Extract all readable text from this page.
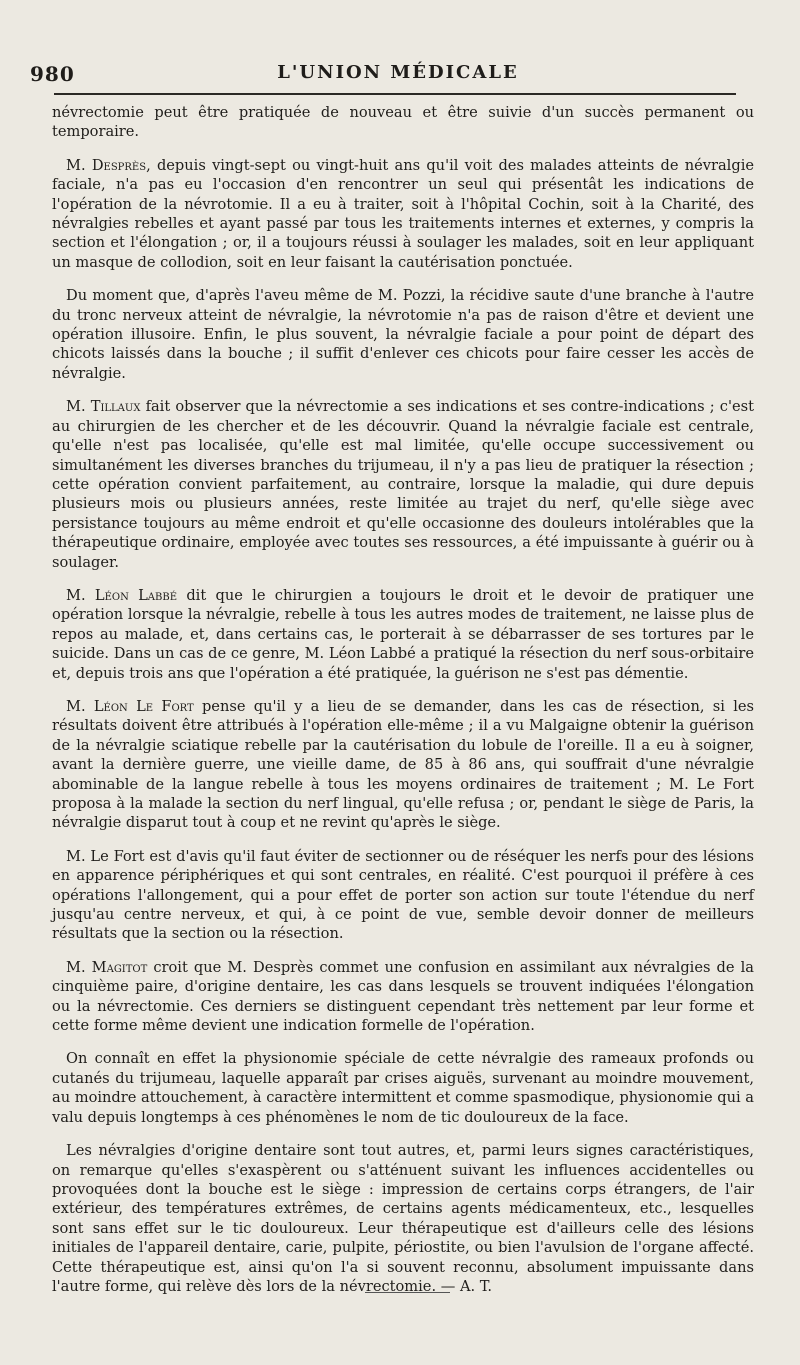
980	L'UNION MÉDICALE

névrectomie peut être pratiquée de nouveau et être suivie d'un succès permanent ou temporaire.

M. Desprès, depuis vingt-sept ou vingt-huit ans qu'il voit des malades atteints de névralgie faciale, n'a pas eu l'occasion d'en rencontrer un seul qui présentât les indications de l'opération de la névrotomie. Il a eu à traiter, soit à l'hôpital Cochin, soit à la Charité, des névralgies rebelles et ayant passé par tous les traitements internes et externes, y compris la section et l'élongation ; or, il a toujours réussi à soulager les malades, soit en leur appliquant un masque de collodion, soit en leur faisant la cautérisation ponctuée.

Du moment que, d'après l'aveu même de M. Pozzi, la récidive saute d'une branche à l'autre du tronc nerveux atteint de névralgie, la névrotomie n'a pas de raison d'être et devient une opération illusoire. Enfin, le plus souvent, la névralgie faciale a pour point de départ des chicots laissés dans la bouche ; il suffit d'enlever ces chicots pour faire cesser les accès de névralgie.

M. Tillaux fait observer que la névrectomie a ses indications et ses contre-indications ; c'est au chirurgien de les chercher et de les découvrir. Quand la névralgie faciale est centrale, qu'elle n'est pas localisée, qu'elle est mal limitée, qu'elle occupe successivement ou simultanément les diverses branches du trijumeau, il n'y a pas lieu de pratiquer la résection ; cette opération convient parfaitement, au contraire, lorsque la maladie, qui dure depuis plusieurs mois ou plusieurs années, reste limitée au trajet du nerf, qu'elle siège avec persistance toujours au même endroit et qu'elle occasionne des douleurs intolérables que la thérapeutique ordinaire, employée avec toutes ses ressources, a été impuissante à guérir ou à soulager.

M. Léon Labbé dit que le chirurgien a toujours le droit et le devoir de pratiquer une opération lorsque la névralgie, rebelle à tous les autres modes de traitement, ne laisse plus de repos au malade, et, dans certains cas, le porterait à se débarrasser de ses tortures par le suicide. Dans un cas de ce genre, M. Léon Labbé a pratiqué la résection du nerf sous-orbitaire et, depuis trois ans que l'opération a été pratiquée, la guérison ne s'est pas démentie.

M. Léon Le Fort pense qu'il y a lieu de se demander, dans les cas de résection, si les résultats doivent être attribués à l'opération elle-même ; il a vu Malgaigne obtenir la guérison de la névralgie sciatique rebelle par la cautérisation du lobule de l'oreille. Il a eu à soigner, avant la dernière guerre, une vieille dame, de 85 à 86 ans, qui souffrait d'une névralgie abominable de la langue rebelle à tous les moyens ordinaires de traitement ; M. Le Fort proposa à la malade la section du nerf lingual, qu'elle refusa ; or, pendant le siège de Paris, la névralgie disparut tout à coup et ne revint qu'après le siège.

M. Le Fort est d'avis qu'il faut éviter de sectionner ou de réséquer les nerfs pour des lésions en apparence périphériques et qui sont centrales, en réalité. C'est pourquoi il préfère à ces opérations l'allongement, qui a pour effet de porter son action sur toute l'étendue du nerf jusqu'au centre nerveux, et qui, à ce point de vue, semble devoir donner de meilleurs résultats que la section ou la résection.

M. Magitot croit que M. Desprès commet une confusion en assimilant aux névralgies de la cinquième paire, d'origine dentaire, les cas dans lesquels se trouvent indiquées l'élongation ou la névrectomie. Ces derniers se distinguent cependant très nettement par leur forme et cette forme même devient une indication formelle de l'opération.

On connaît en effet la physionomie spéciale de cette névralgie des rameaux profonds ou cutanés du trijumeau, laquelle apparaît par crises aiguës, survenant au moindre mouvement, au moindre attouchement, à caractère intermittent et comme spasmodique, physionomie qui a valu depuis longtemps à ces phénomènes le nom de tic douloureux de la face.

Les névralgies d'origine dentaire sont tout autres, et, parmi leurs signes caractéristiques, on remarque qu'elles s'exaspèrent ou s'atténuent suivant les influences accidentelles ou provoquées dont la bouche est le siège : impression de certains corps étrangers, de l'air extérieur, des températures extrêmes, de certains agents médicamenteux, etc., lesquelles sont sans effet sur le tic douloureux. Leur thérapeutique est d'ailleurs celle des lésions initiales de l'appareil dentaire, carie, pulpite, périostite, ou bien l'avulsion de l'organe affecté. Cette thérapeutique est, ainsi qu'on l'a si souvent reconnu, absolument impuissante dans l'autre forme, qui relève dès lors de la névrectomie. — A. T.
